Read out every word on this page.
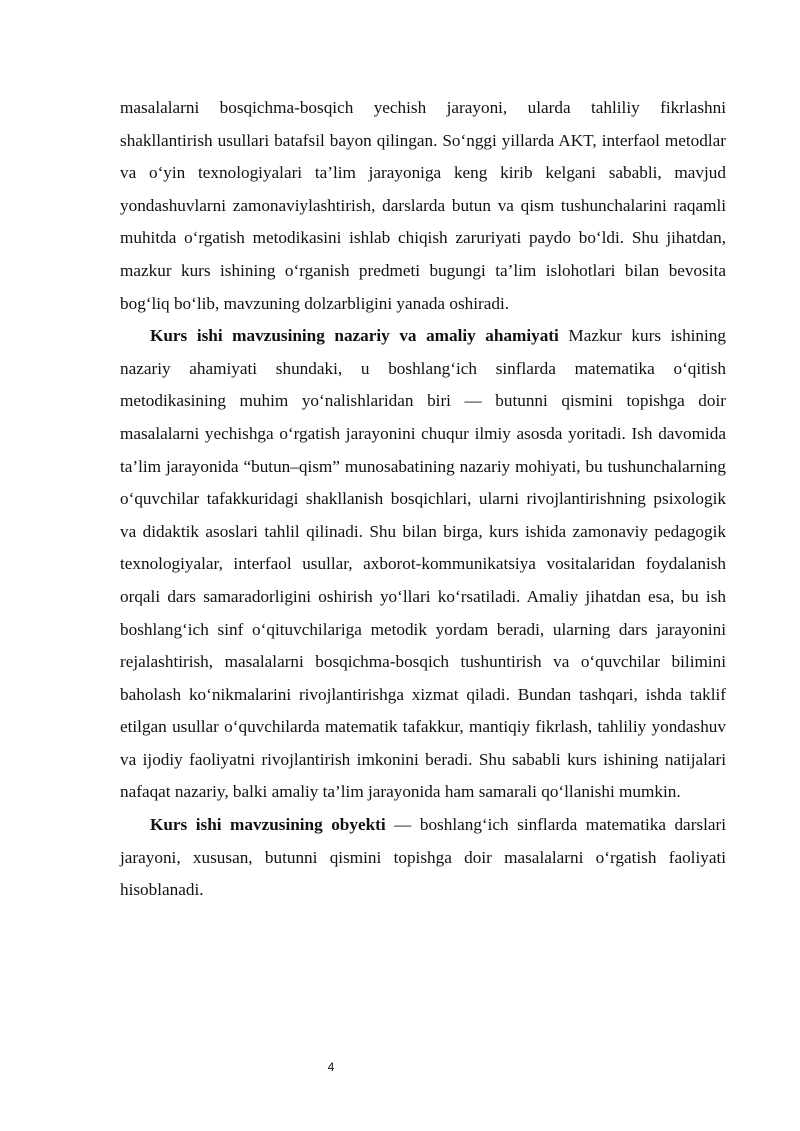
masalalarni bosqichma-bosqich yechish jarayoni, ularda tahliliy fikrlashni shakllantirish usullari batafsil bayon qilingan. So‘nggi yillarda AKT, interfaol metodlar va o‘yin texnologiyalari ta’lim jarayoniga keng kirib kelgani sababli, mavjud yondashuvlarni zamonaviylashtirish, darslarda butun va qism tushunchalarini raqamli muhitda o‘rgatish metodikasini ishlab chiqish zaruriyati paydo bo‘ldi. Shu jihatdan, mazkur kurs ishining o‘rganish predmeti bugungi ta’lim islohotlari bilan bevosita bog‘liq bo‘lib, mavzuning dolzarbligini yanada oshiradi.

Kurs ishi mavzusining nazariy va amaliy ahamiyati Mazkur kurs ishining nazariy ahamiyati shundaki, u boshlang‘ich sinflarda matematika o‘qitish metodikasining muhim yo‘nalishlaridan biri — butunni qismini topishga doir masalalarni yechishga o‘rgatish jarayonini chuqur ilmiy asosda yoritadi. Ish davomida ta’lim jarayonida “butun–qism” munosabatining nazariy mohiyati, bu tushunchalarning o‘quvchilar tafakkuridagi shakllanish bosqichlari, ularni rivojlantirishning psixologik va didaktik asoslari tahlil qilinadi. Shu bilan birga, kurs ishida zamonaviy pedagogik texnologiyalar, interfaol usullar, axborot-kommunikatsiya vositalaridan foydalanish orqali dars samaradorligini oshirish yo‘llari ko‘rsatiladi. Amaliy jihatdan esa, bu ish boshlang‘ich sinf o‘qituvchilariga metodik yordam beradi, ularning dars jarayonini rejalashtirish, masalalarni bosqichma-bosqich tushuntirish va o‘quvchilar bilimini baholash ko‘nikmalarini rivojlantirishga xizmat qiladi. Bundan tashqari, ishda taklif etilgan usullar o‘quvchilarda matematik tafakkur, mantiqiy fikrlash, tahliliy yondashuv va ijodiy faoliyatni rivojlantirish imkonini beradi. Shu sababli kurs ishining natijalari nafaqat nazariy, balki amaliy ta’lim jarayonida ham samarali qo‘llanishi mumkin.

Kurs ishi mavzusining obyekti — boshlang‘ich sinflarda matematika darslari jarayoni, xususan, butunni qismini topishga doir masalalarni o‘rgatish faoliyati hisoblanadi.

4
